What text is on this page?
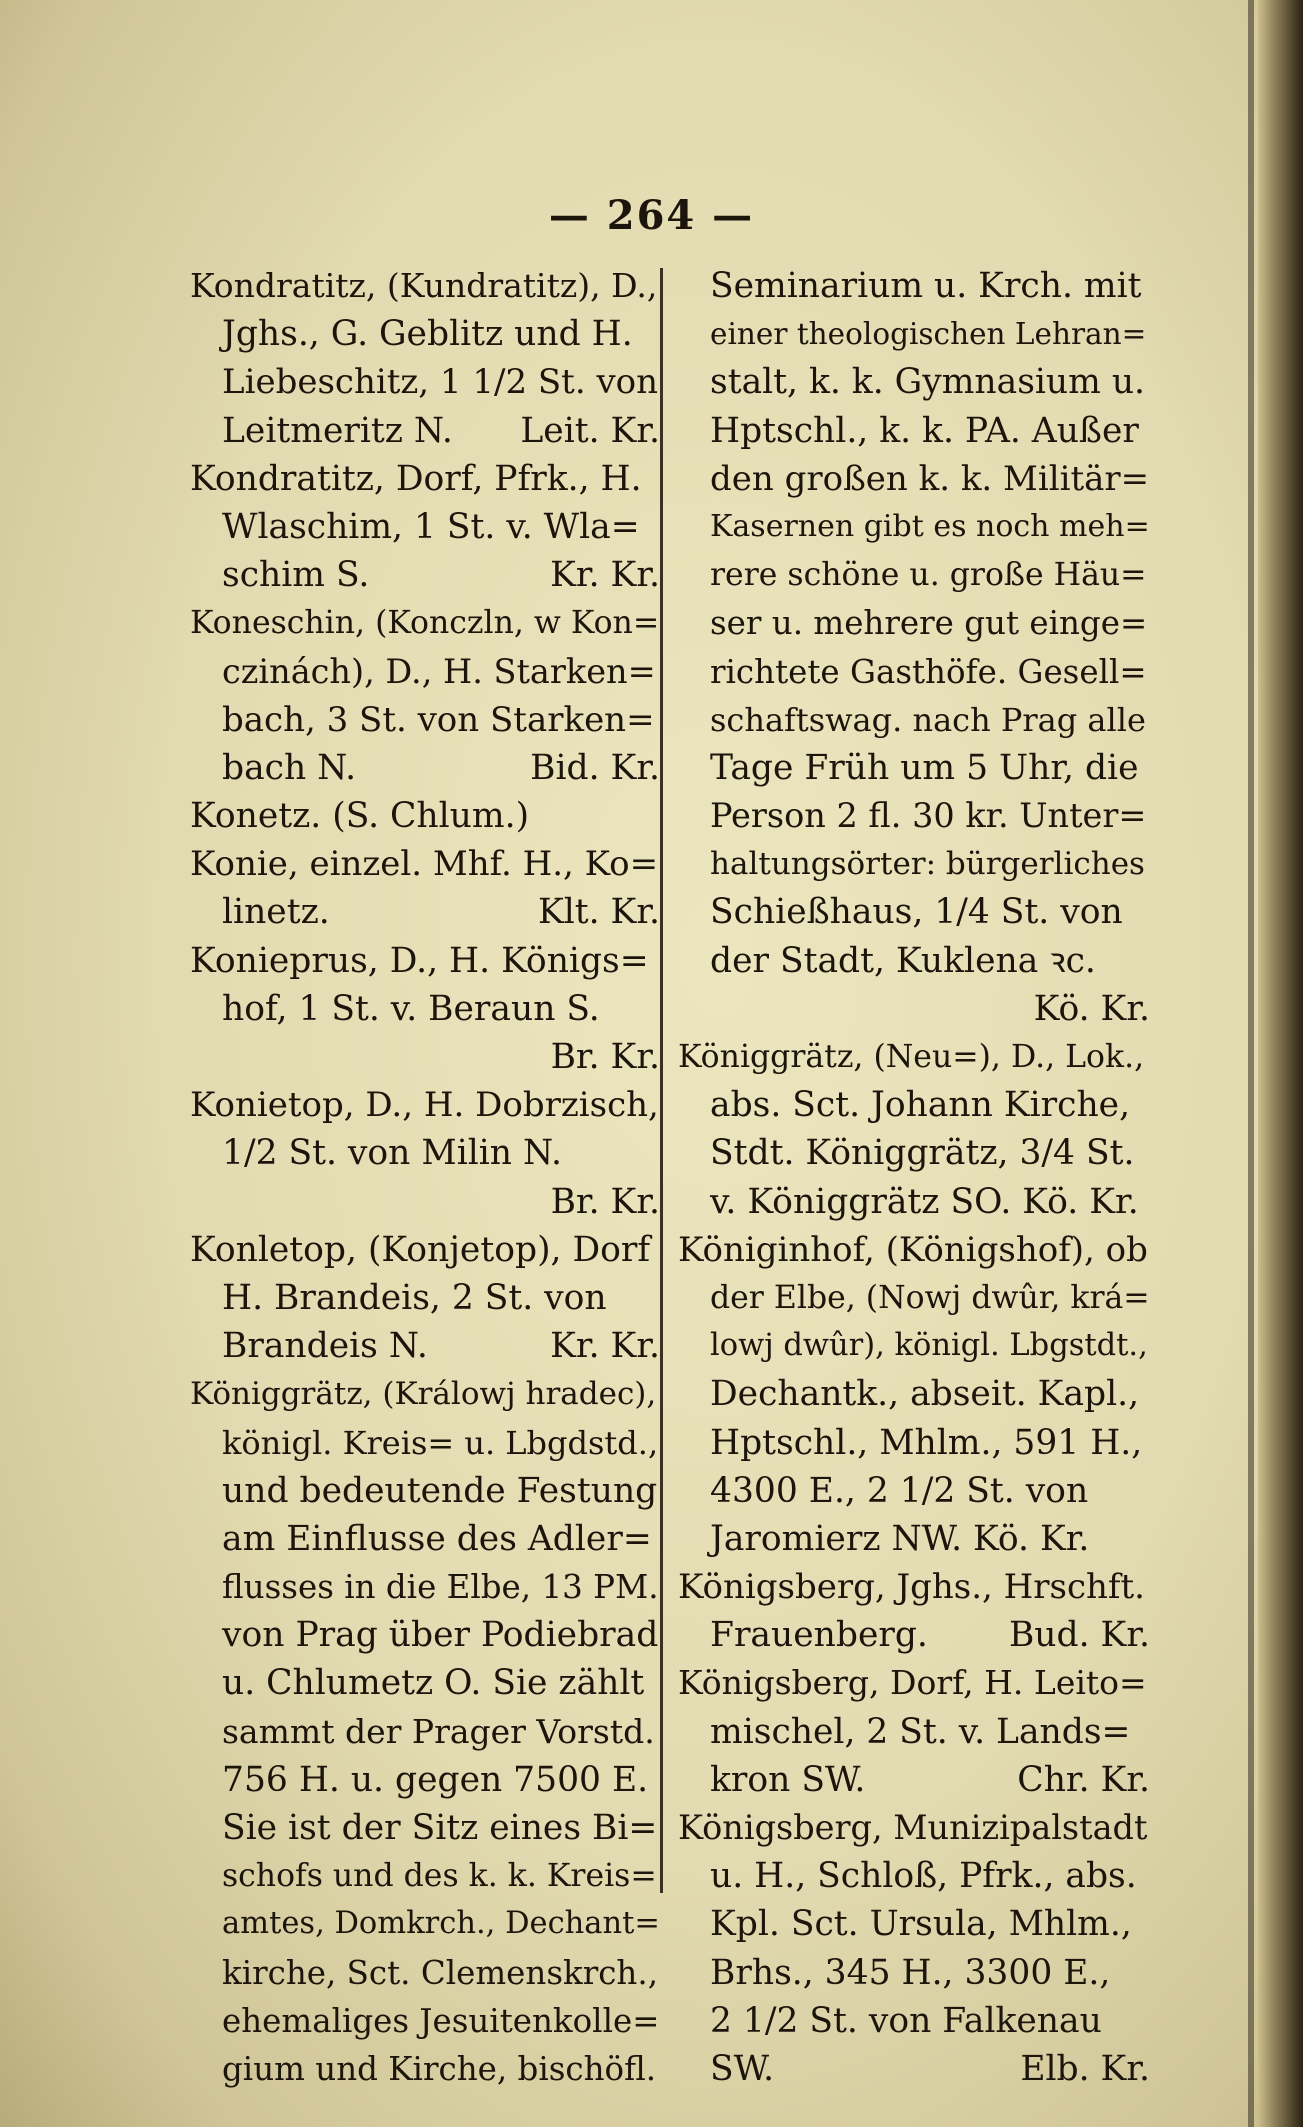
— 264 —
Kondratitz, (Kundratitz), D.,
Jghs., G. Geblitz und H.
Liebeschitz, 1 1/2 St. von
Leitmeritz N. Leit. Kr.
Kondratitz, Dorf, Pfrk., H.
Wlaschim, 1 St. v. Wla=
schim S.	Kr. Kr.
Koneschin, (Konczln, w Kon=
czinách), D., H. Starken=
bach, 3 St. von Starken=
bach N.	Bid. Kr.
Konetz. (S. Chlum.)
Konie, einzel. Mhf. H., Ko=
linetz.	Klt. Kr.
Konieprus, D., H. Königs=
hof, 1 St. v. Beraun S.
Br. Kr.
Konietop, D., H. Dobrzisch,
1/2 St. von Milin N.
Br. Kr.
Konletop, (Konjetop), Dorf
H. Brandeis, 2 St. von
Brandeis N.	Kr. Kr.
Königgrätz, (Králowj hradec),
königl. Kreis= u. Lbgdstd.,
und bedeutende Festung
am Einflusse des Adler=
flusses in die Elbe, 13 PM.
von Prag über Podiebrad
u. Chlumetz O. Sie zählt
sammt der Prager Vorstd.
756 H. u. gegen 7500 E.
Sie ist der Sitz eines Bi=
schofs und des k. k. Kreis=
amtes, Domkrch., Dechant=
kirche, Sct. Clemenskrch.,
ehemaliges Jesuitenkolle=
gium und Kirche, bischöfl.
Seminarium u. Krch. mit
einer theologischen Lehran=
stalt, k. k. Gymnasium u.
Hptschl., k. k. PA. Außer
den großen k. k. Militär=
Kasernen gibt es noch meh=
rere schöne u. große Häu=
ser u. mehrere gut einge=
richtete Gasthöfe. Gesell=
schaftswag. nach Prag alle
Tage Früh um 5 Uhr, die
Person 2 fl. 30 kr. Unter=
haltungsörter: bürgerliches
Schießhaus, 1/4 St. von
der Stadt, Kuklena ꝛc.
Kö. Kr.
Königgrätz, (Neu=), D., Lok.,
abs. Sct. Johann Kirche,
Stdt. Königgrätz, 3/4 St.
v. Königgrätz SO. Kö. Kr.
Königinhof, (Königshof), ob
der Elbe, (Nowj dwûr, krá=
lowj dwûr), königl. Lbgstdt.,
Dechantk., abseit. Kapl.,
Hptschl., Mhlm., 591 H.,
4300 E., 2 1/2 St. von
Jaromierz NW. Kö. Kr.
Königsberg, Jghs., Hrschft.
Frauenberg. Bud. Kr.
Königsberg, Dorf, H. Leito=
mischel, 2 St. v. Lands=
kron SW.	Chr. Kr.
Königsberg, Munizipalstadt
u. H., Schloß, Pfrk., abs.
Kpl. Sct. Ursula, Mhlm.,
Brhs., 345 H., 3300 E.,
2 1/2 St. von Falkenau
SW.	Elb. Kr.
